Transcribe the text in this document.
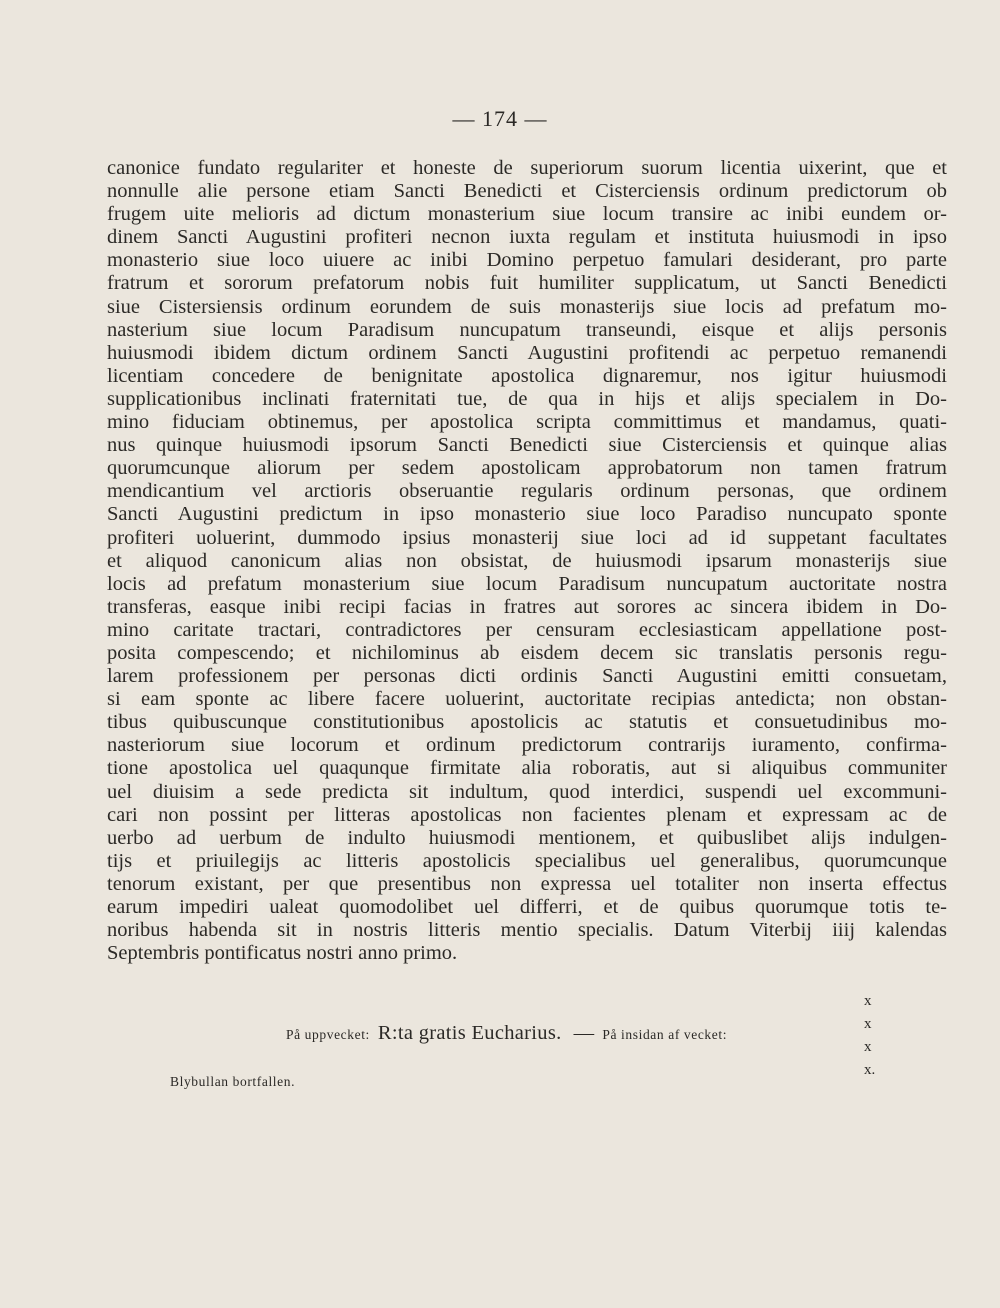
— 174 —
canonice fundato regulariter et honeste de superiorum suorum licentia uixerint, que et
nonnulle alie persone etiam Sancti Benedicti et Cisterciensis ordinum predictorum ob
frugem uite melioris ad dictum monasterium siue locum transire ac inibi eundem or-
dinem Sancti Augustini profiteri necnon iuxta regulam et instituta huiusmodi in ipso
monasterio siue loco uiuere ac inibi Domino perpetuo famulari desiderant, pro parte
fratrum et sororum prefatorum nobis fuit humiliter supplicatum, ut Sancti Benedicti
siue Cistersiensis ordinum eorundem de suis monasterijs siue locis ad prefatum mo-
nasterium siue locum Paradisum nuncupatum transeundi, eisque et alijs personis
huiusmodi ibidem dictum ordinem Sancti Augustini profitendi ac perpetuo remanendi
licentiam concedere de benignitate apostolica dignaremur, nos igitur huiusmodi
supplicationibus inclinati fraternitati tue, de qua in hijs et alijs specialem in Do-
mino fiduciam obtinemus, per apostolica scripta committimus et mandamus, quati-
nus quinque huiusmodi ipsorum Sancti Benedicti siue Cisterciensis et quinque alias
quorumcunque aliorum per sedem apostolicam approbatorum non tamen fratrum
mendicantium vel arctioris obseruantie regularis ordinum personas, que ordinem
Sancti Augustini predictum in ipso monasterio siue loco Paradiso nuncupato sponte
profiteri uoluerint, dummodo ipsius monasterij siue loci ad id suppetant facultates
et aliquod canonicum alias non obsistat, de huiusmodi ipsarum monasterijs siue
locis ad prefatum monasterium siue locum Paradisum nuncupatum auctoritate nostra
transferas, easque inibi recipi facias in fratres aut sorores ac sincera ibidem in Do-
mino caritate tractari, contradictores per censuram ecclesiasticam appellatione post-
posita compescendo; et nichilominus ab eisdem decem sic translatis personis regu-
larem professionem per personas dicti ordinis Sancti Augustini emitti consuetam,
si eam sponte ac libere facere uoluerint, auctoritate recipias antedicta; non obstan-
tibus quibuscunque constitutionibus apostolicis ac statutis et consuetudinibus mo-
nasteriorum siue locorum et ordinum predictorum contrarijs iuramento, confirma-
tione apostolica uel quaqunque firmitate alia roboratis, aut si aliquibus communiter
uel diuisim a sede predicta sit indultum, quod interdici, suspendi uel excommuni-
cari non possint per litteras apostolicas non facientes plenam et expressam ac de
uerbo ad uerbum de indulto huiusmodi mentionem, et quibuslibet alijs indulgen-
tijs et priuilegijs ac litteris apostolicis specialibus uel generalibus, quorumcunque
tenorum existant, per que presentibus non expressa uel totaliter non inserta effectus
earum impediri ualeat quomodolibet uel differri, et de quibus quorumque totis te-
noribus habenda sit in nostris litteris mentio specialis. Datum Viterbij iiij kalendas
Septembris pontificatus nostri anno primo.
På uppvecket: R:ta gratis Eucharius. — På insidan af vecket:
x
x
x
x.
Blybullan bortfallen.
